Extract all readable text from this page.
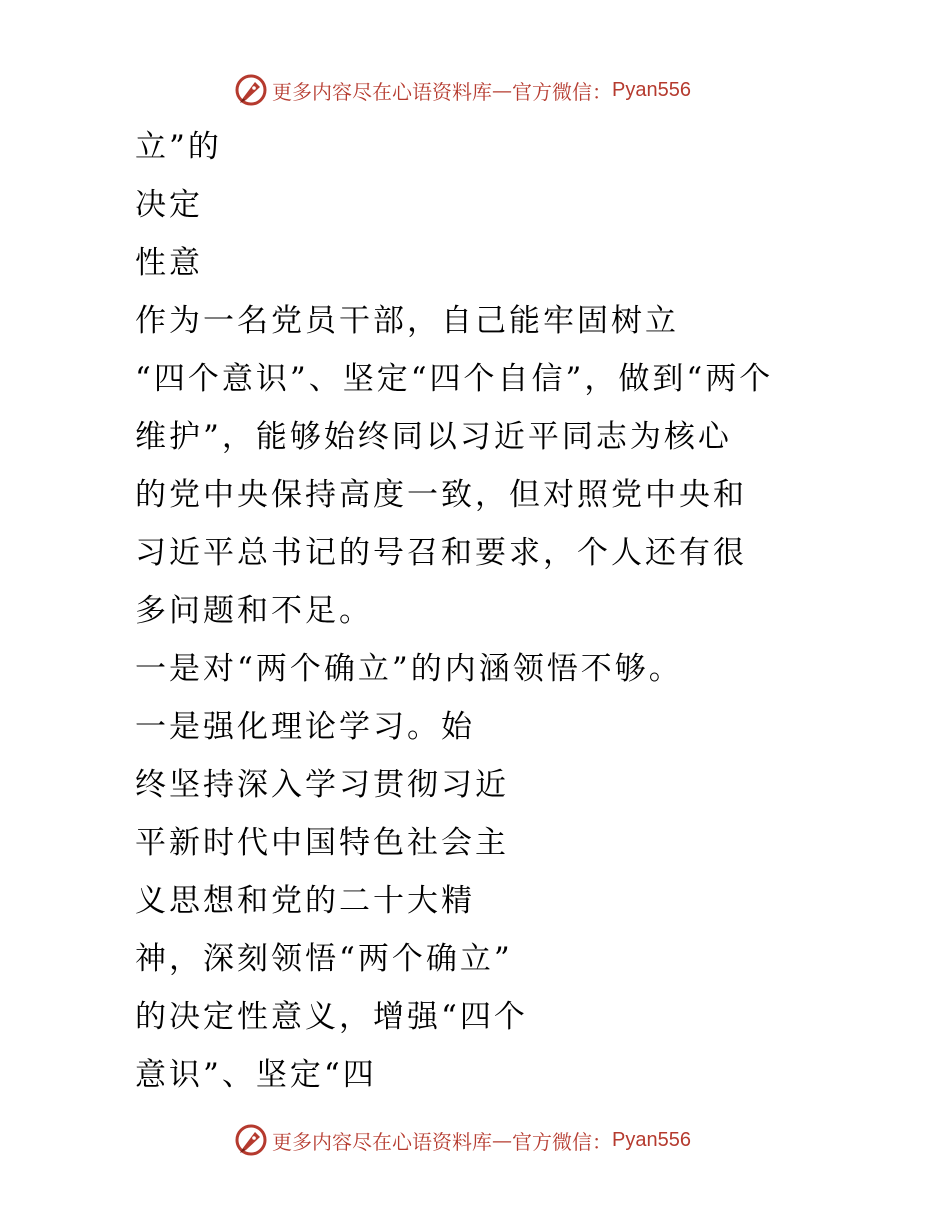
更多内容尽在心语资料库 — 官方微信： Pyan556
立”的
决定
性意
作为一名党员干部，自己能牢固树立
“四个意识”、坚定“四个自信”，做到“两个
维护”，能够始终同以习近平同志为核心
的党中央保持高度一致，但对照党中央和
习近平总书记的号召和要求，个人还有很
多问题和不足。
一是对“两个确立”的内涵领悟不够。
一是强化理论学习。始
终坚持深入学习贯彻习近
平新时代中国特色社会主
义思想和党的二十大精
神，深刻领悟“两个确立”
的决定性意义，增强“四个
意识”、坚定“四
更多内容尽在心语资料库 — 官方微信： Pyan556
